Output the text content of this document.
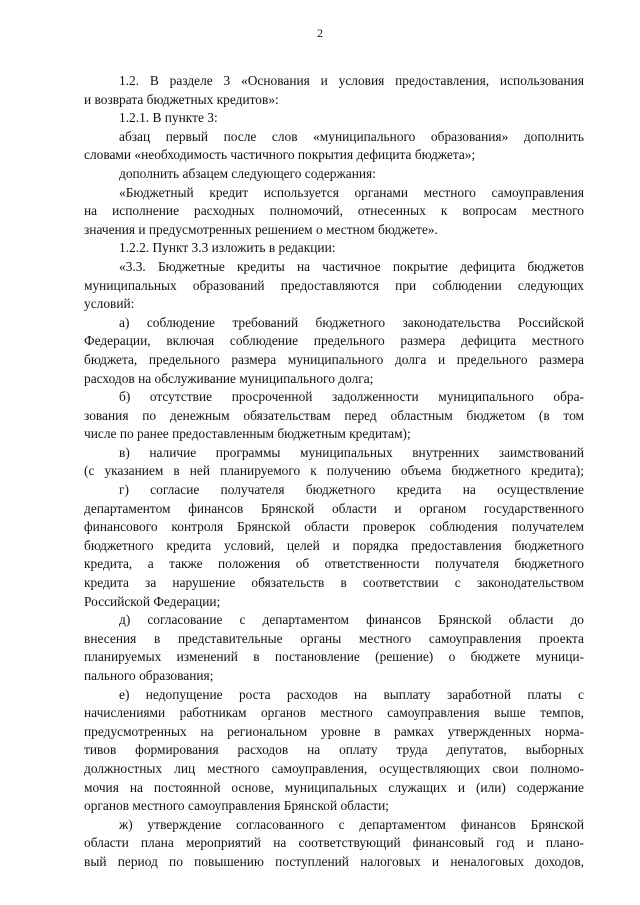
2
1.2. В разделе 3 «Основания и условия предоставления, использования
и возврата бюджетных кредитов»:
1.2.1. В пункте 3:
абзац первый после слов «муниципального образования» дополнить
словами «необходимость частичного покрытия дефицита бюджета»;
дополнить абзацем следующего содержания:
«Бюджетный кредит используется органами местного самоуправления
на исполнение расходных полномочий, отнесенных к вопросам местного
значения и предусмотренных решением о местном бюджете».
1.2.2. Пункт 3.3 изложить в редакции:
«3.3. Бюджетные кредиты на частичное покрытие дефицита бюджетов
муниципальных образований предоставляются при соблюдении следующих
условий:
а) соблюдение требований бюджетного законодательства Российской
Федерации, включая соблюдение предельного размера дефицита местного
бюджета, предельного размера муниципального долга и предельного размера
расходов на обслуживание муниципального долга;
б) отсутствие просроченной задолженности муниципального обра-
зования по денежным обязательствам перед областным бюджетом (в том
числе по ранее предоставленным бюджетным кредитам);
в) наличие программы муниципальных внутренних заимствований
(с указанием в ней планируемого к получению объема бюджетного кредита);
г) согласие получателя бюджетного кредита на осуществление
департаментом финансов Брянской области и органом государственного
финансового контроля Брянской области проверок соблюдения получателем
бюджетного кредита условий, целей и порядка предоставления бюджетного
кредита, а также положения об ответственности получателя бюджетного
кредита за нарушение обязательств в соответствии с законодательством
Российской Федерации;
д) согласование с департаментом финансов Брянской области до
внесения в представительные органы местного самоуправления проекта
планируемых изменений в постановление (решение) о бюджете муници-
пального образования;
е) недопущение роста расходов на выплату заработной платы с
начислениями работникам органов местного самоуправления выше темпов,
предусмотренных на региональном уровне в рамках утвержденных норма-
тивов формирования расходов на оплату труда депутатов, выборных
должностных лиц местного самоуправления, осуществляющих свои полномо-
мочия на постоянной основе, муниципальных служащих и (или) содержание
органов местного самоуправления Брянской области;
ж) утверждение согласованного с департаментом финансов Брянской
области плана мероприятий на соответствующий финансовый год и плано-
вый период по повышению поступлений налоговых и неналоговых доходов,
